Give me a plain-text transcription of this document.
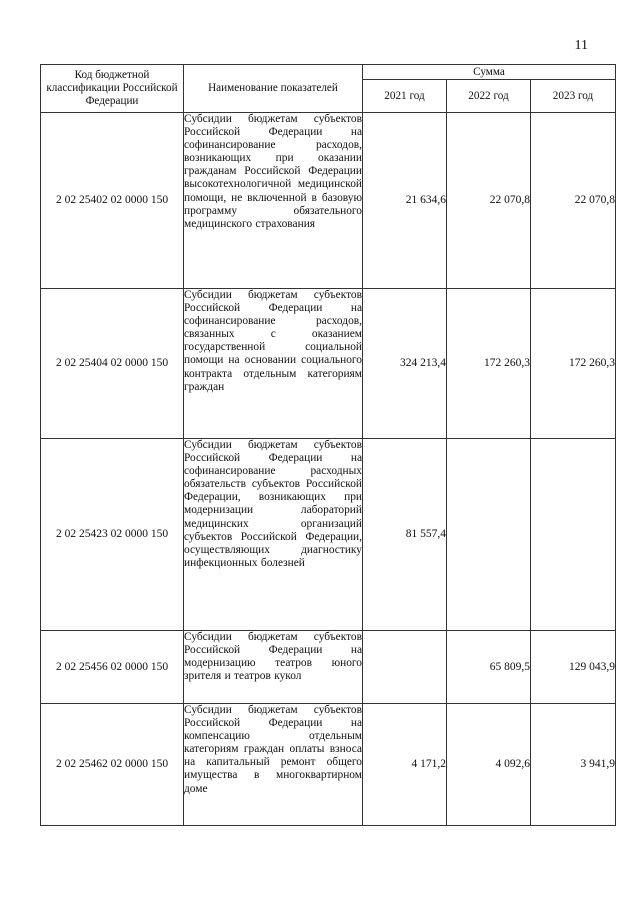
11
Код бюджетной классификации Российской Федерации	Наименование показателей	Сумма		
		2021 год	2022 год	2023 год
2 02 25402 02 0000 150	Субсидии бюджетам субъектов Российской Федерации на софинансирование расходов, возникающих при оказании гражданам Российской Федерации высокотехнологичной медицинской помощи, не включенной в базовую программу обязательного медицинского страхования	21 634,6	22 070,8	22 070,8
2 02 25404 02 0000 150	Субсидии бюджетам субъектов Российской Федерации на софинансирование расходов, связанных с оказанием государственной социальной помощи на основании социального контракта отдельным категориям граждан	324 213,4	172 260,3	172 260,3
2 02 25423 02 0000 150	Субсидии бюджетам субъектов Российской Федерации на софинансирование расходных обязательств субъектов Российской Федерации, возникающих при модернизации лабораторий медицинских организаций субъектов Российской Федерации, осуществляющих диагностику инфекционных болезней	81 557,4		
2 02 25456 02 0000 150	Субсидии бюджетам субъектов Российской Федерации на модернизацию театров юного зрителя и театров кукол		65 809,5	129 043,9
2 02 25462 02 0000 150	Субсидии бюджетам субъектов Российской Федерации на компенсацию отдельным категориям граждан оплаты взноса на капитальный ремонт общего имущества в многоквартирном доме	4 171,2	4 092,6	3 941,9
